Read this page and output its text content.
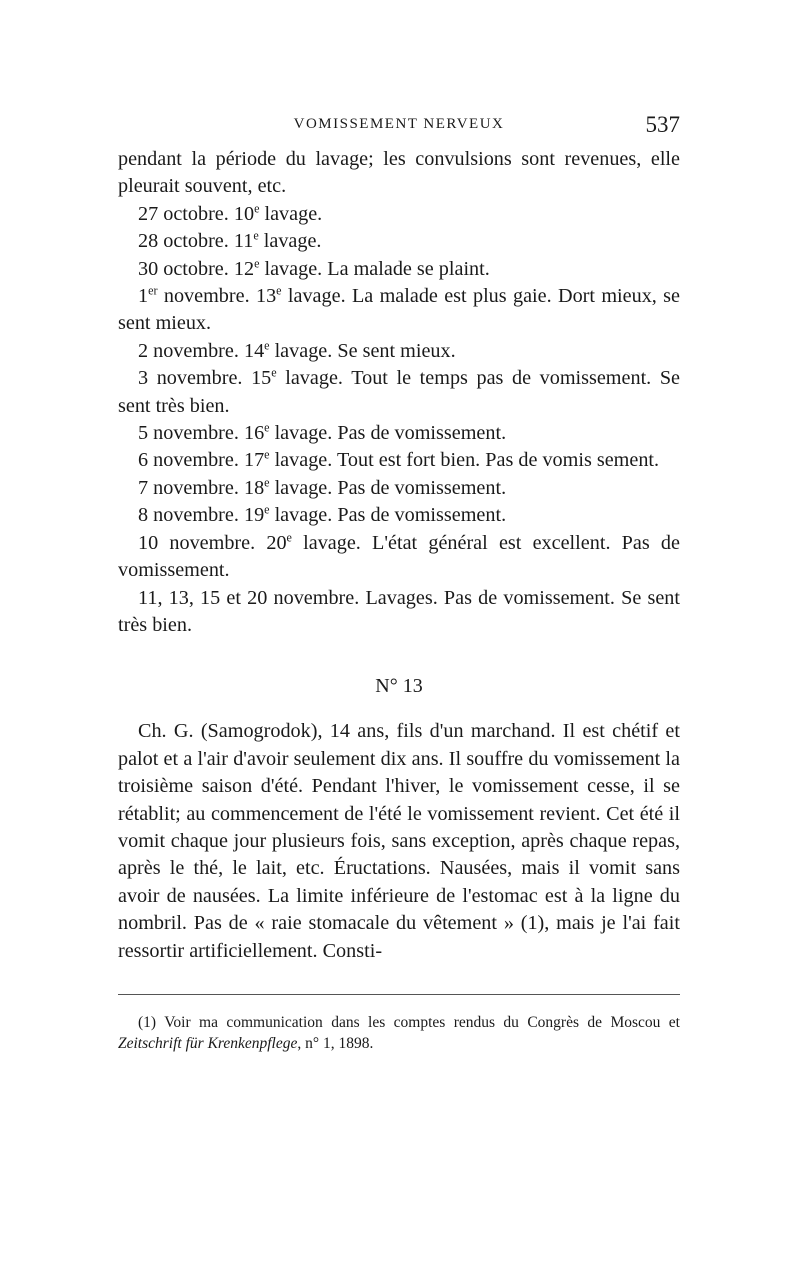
VOMISSEMENT NERVEUX	537

pendant la période du lavage; les convulsions sont revenues, elle pleurait souvent, etc.

27 octobre. 10e lavage.

28 octobre. 11e lavage.

30 octobre. 12e lavage. La malade se plaint.

1er novembre. 13e lavage. La malade est plus gaie. Dort mieux, se sent mieux.

2 novembre. 14e lavage. Se sent mieux.

3 novembre. 15e lavage. Tout le temps pas de vomissement. Se sent très bien.

5 novembre. 16e lavage. Pas de vomissement.

6 novembre. 17e lavage. Tout est fort bien. Pas de vomis sement.

7 novembre. 18e lavage. Pas de vomissement.

8 novembre. 19e lavage. Pas de vomissement.

10 novembre. 20e lavage. L'état général est excellent. Pas de vomissement.

11, 13, 15 et 20 novembre. Lavages. Pas de vomissement. Se sent très bien.

N° 13

Ch. G. (Samogrodok), 14 ans, fils d'un marchand. Il est chétif et palot et a l'air d'avoir seulement dix ans. Il souffre du vomissement la troisième saison d'été. Pendant l'hiver, le vomissement cesse, il se rétablit; au commencement de l'été le vomissement revient. Cet été il vomit chaque jour plusieurs fois, sans exception, après chaque repas, après le thé, le lait, etc. Éructations. Nausées, mais il vomit sans avoir de nausées. La limite inférieure de l'estomac est à la ligne du nombril. Pas de « raie stomacale du vêtement » (1), mais je l'ai fait ressortir artificiellement. Consti-

(1) Voir ma communication dans les comptes rendus du Congrès de Moscou et Zeitschrift für Krenkenpflege, n° 1, 1898.
